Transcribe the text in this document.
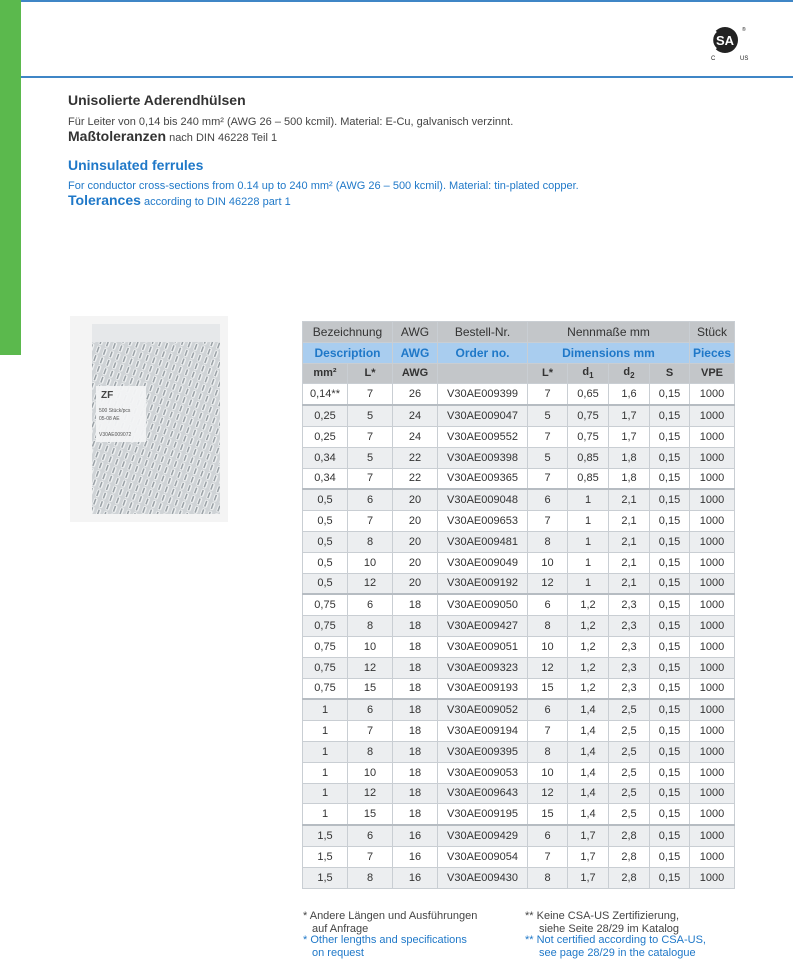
SA
®
C	US
Unisolierte Aderendhülsen
Für Leiter von 0,14 bis 240 mm² (AWG 26 – 500 kcmil). Material: E-Cu, galvanisch verzinnt.
Maßtoleranzen nach DIN 46228 Teil 1
Uninsulated ferrules
For conductor cross-sections from 0.14 up to 240 mm² (AWG 26 – 500 kcmil). Material: tin-plated copper.
Tolerances according to DIN 46228 part 1
ZF
500 Stück/pcs
05-08 AE
V30AE009072
Bezeichnung		AWG	Bestell-Nr.	Nennmaße mm				Stück
Description		AWG	Order no.	Dimensions mm				Pieces
mm²	L*	AWG		L*	$d_1$	$d_2$	S	VPE
0,14**	7	26	V30AE009399	7	0,65	1,6	0,15	1000
0,25	5	24	V30AE009047	5	0,75	1,7	0,15	1000
0,25	7	24	V30AE009552	7	0,75	1,7	0,15	1000
0,34	5	22	V30AE009398	5	0,85	1,8	0,15	1000
0,34	7	22	V30AE009365	7	0,85	1,8	0,15	1000
0,5	6	20	V30AE009048	6	1	2,1	0,15	1000
0,5	7	20	V30AE009653	7	1	2,1	0,15	1000
0,5	8	20	V30AE009481	8	1	2,1	0,15	1000
0,5	10	20	V30AE009049	10	1	2,1	0,15	1000
0,5	12	20	V30AE009192	12	1	2,1	0,15	1000
0,75	6	18	V30AE009050	6	1,2	2,3	0,15	1000
0,75	8	18	V30AE009427	8	1,2	2,3	0,15	1000
0,75	10	18	V30AE009051	10	1,2	2,3	0,15	1000
0,75	12	18	V30AE009323	12	1,2	2,3	0,15	1000
0,75	15	18	V30AE009193	15	1,2	2,3	0,15	1000
1	6	18	V30AE009052	6	1,4	2,5	0,15	1000
1	7	18	V30AE009194	7	1,4	2,5	0,15	1000
1	8	18	V30AE009395	8	1,4	2,5	0,15	1000
1	10	18	V30AE009053	10	1,4	2,5	0,15	1000
1	12	18	V30AE009643	12	1,4	2,5	0,15	1000
1	15	18	V30AE009195	15	1,4	2,5	0,15	1000
1,5	6	16	V30AE009429	6	1,7	2,8	0,15	1000
1,5	7	16	V30AE009054	7	1,7	2,8	0,15	1000
1,5	8	16	V30AE009430	8	1,7	2,8	0,15	1000
* Andere Längen und Ausführungen
auf Anfrage
* Other lengths and specifications
on request
** Keine CSA-US Zertifizierung,
siehe Seite 28/29 im Katalog
** Not certified according to CSA-US,
see page 28/29 in the catalogue
